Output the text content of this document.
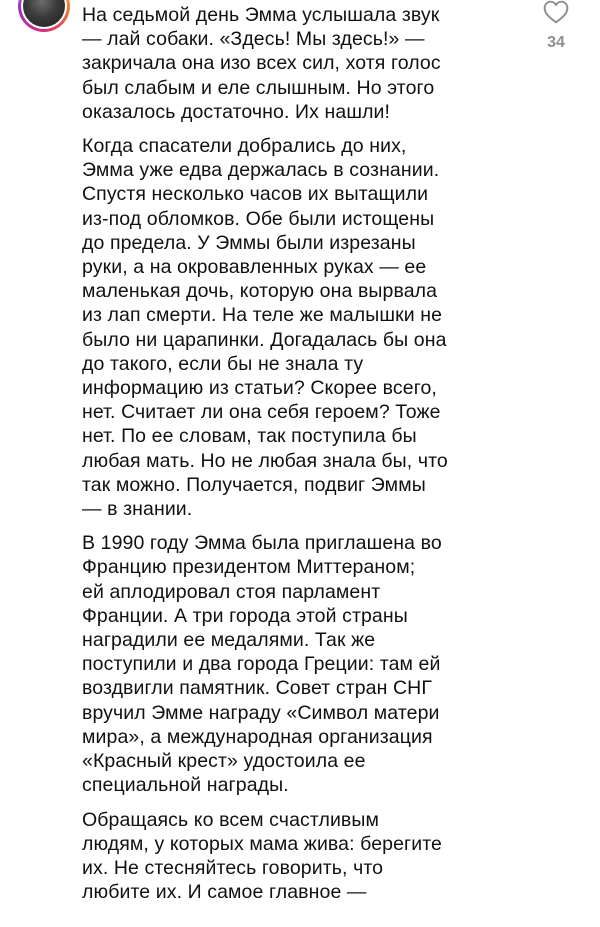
На седьмой день Эмма услышала звук
— лай собаки. «Здесь! Мы здесь!» —
закричала она изо всех сил, хотя голос
был слабым и еле слышным. Но этого
оказалось достаточно. Их нашли!

Когда спасатели добрались до них,
Эмма уже едва держалась в сознании.
Спустя несколько часов их вытащили
из-под обломков. Обе были истощены
до предела. У Эммы были изрезаны
руки, а на окровавленных руках — ее
маленькая дочь, которую она вырвала
из лап смерти. На теле же малышки не
было ни царапинки. Догадалась бы она
до такого, если бы не знала ту
информацию из статьи? Скорее всего,
нет. Считает ли она себя героем? Тоже
нет. По ее словам, так поступила бы
любая мать. Но не любая знала бы, что
так можно. Получается, подвиг Эммы
— в знании.

В 1990 году Эмма была приглашена во
Францию президентом Миттераном;
ей аплодировал стоя парламент
Франции. А три города этой страны
наградили ее медалями. Так же
поступили и два города Греции: там ей
воздвигли памятник. Совет стран СНГ
вручил Эмме награду «Символ матери
мира», а международная организация
«Красный крест» удостоила ее
специальной награды.

Обращаясь ко всем счастливым
людям, у которых мама жива: берегите
их. Не стесняйтесь говорить, что
любите их. И самое главное —

34
